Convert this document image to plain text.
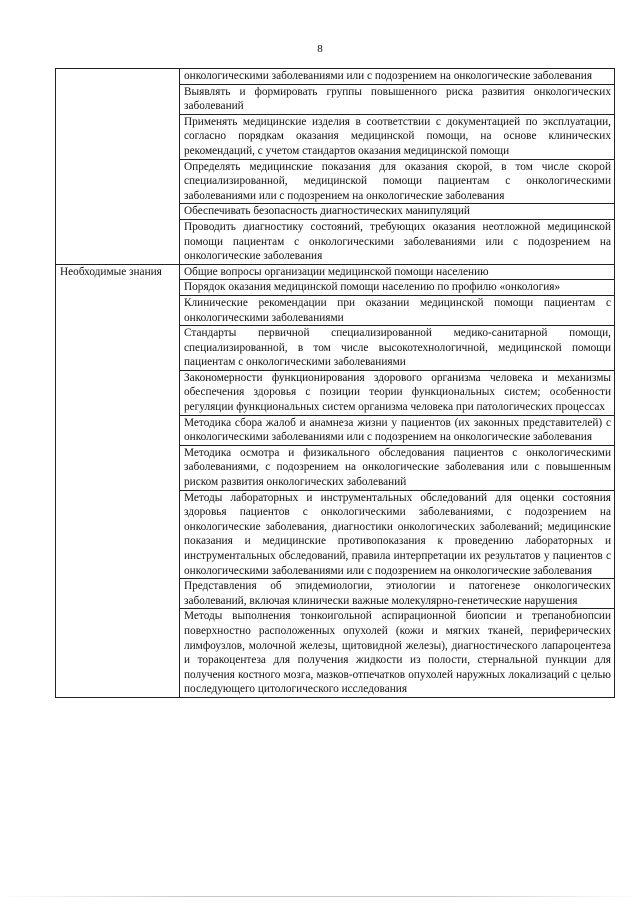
8
	онкологическими заболеваниями или с подозрением на онкологические заболевания
	Выявлять и формировать группы повышенного риска развития онкологических заболеваний
	Применять медицинские изделия в соответствии с документацией по эксплуатации, согласно порядкам оказания медицинской помощи, на основе клинических рекомендаций, с учетом стандартов оказания медицинской помощи
	Определять медицинские показания для оказания скорой, в том числе скорой специализированной, медицинской помощи пациентам с онкологическими заболеваниями или с подозрением на онкологические заболевания
	Обеспечивать безопасность диагностических манипуляций
	Проводить диагностику состояний, требующих оказания неотложной медицинской помощи пациентам с онкологическими заболеваниями или с подозрением на онкологические заболевания
Необходимые знания	Общие вопросы организации медицинской помощи населению
	Порядок оказания медицинской помощи населению по профилю «онкология»
	Клинические рекомендации при оказании медицинской помощи пациентам с онкологическими заболеваниями
	Стандарты первичной специализированной медико-санитарной помощи, специализированной, в том числе высокотехнологичной, медицинской помощи пациентам с онкологическими заболеваниями
	Закономерности функционирования здорового организма человека и механизмы обеспечения здоровья с позиции теории функциональных систем; особенности регуляции функциональных систем организма человека при патологических процессах
	Методика сбора жалоб и анамнеза жизни у пациентов (их законных представителей) с онкологическими заболеваниями или с подозрением на онкологические заболевания
	Методика осмотра и физикального обследования пациентов с онкологическими заболеваниями, с подозрением на онкологические заболевания или с повышенным риском развития онкологических заболеваний
	Методы лабораторных и инструментальных обследований для оценки состояния здоровья пациентов с онкологическими заболеваниями, с подозрением на онкологические заболевания, диагностики онкологических заболеваний; медицинские показания и медицинские противопоказания к проведению лабораторных и инструментальных обследований, правила интерпретации их результатов у пациентов с онкологическими заболеваниями или с подозрением на онкологические заболевания
	Представления об эпидемиологии, этиологии и патогенезе онкологических заболеваний, включая клинически важные молекулярно-генетические нарушения
	Методы выполнения тонкоигольной аспирационной биопсии и трепанобиопсии поверхностно расположенных опухолей (кожи и мягких тканей, периферических лимфоузлов, молочной железы, щитовидной железы), диагностического лапароцентеза и торакоцентеза для получения жидкости из полости, стернальной пункции для получения костного мозга, мазков-отпечатков опухолей наружных локализаций с целью последующего цитологического исследования
